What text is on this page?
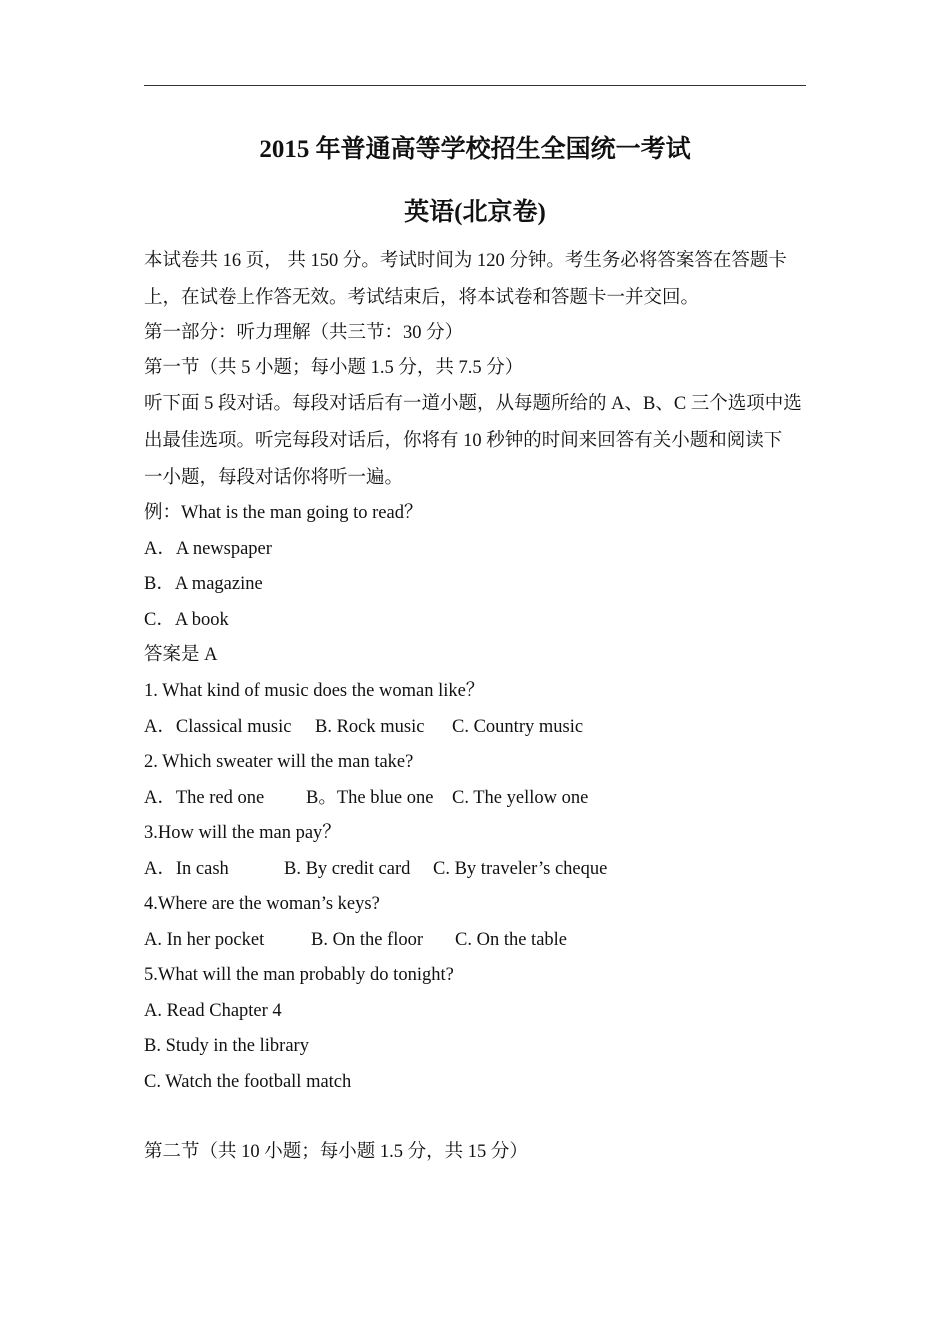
2015 年普通高等学校招生全国统一考试
英语(北京卷)
本试卷共 16 页， 共 150 分。考试时间为 120 分钟。考生务必将答案答在答题卡
上，在试卷上作答无效。考试结束后，将本试卷和答题卡一并交回。
第一部分：听力理解（共三节：30 分）
第一节（共 5 小题；每小题 1.5 分，共 7.5 分）
听下面 5 段对话。每段对话后有一道小题，从每题所给的 A、B、C 三个选项中选
出最佳选项。听完每段对话后，你将有 10 秒钟的时间来回答有关小题和阅读下
一小题，每段对话你将听一遍。
例：What is the man going to read？
A．A newspaper
B．A magazine
C．A book
答案是 A
1. What kind of music does the woman like？
A．Classical music B. Rock music C. Country music
2. Which sweater will the man take?
A．The red one B。The blue one C. The yellow one
3.How will the man pay？
A．In cash	B. By credit card C. By traveler’s cheque
4.Where are the woman’s keys?
A. In her pocket	B. On the floor C. On the table
5.What will the man probably do tonight?
A. Read Chapter 4
B. Study in the library
C. Watch the football match
第二节（共 10 小题；每小题 1.5 分，共 15 分）
